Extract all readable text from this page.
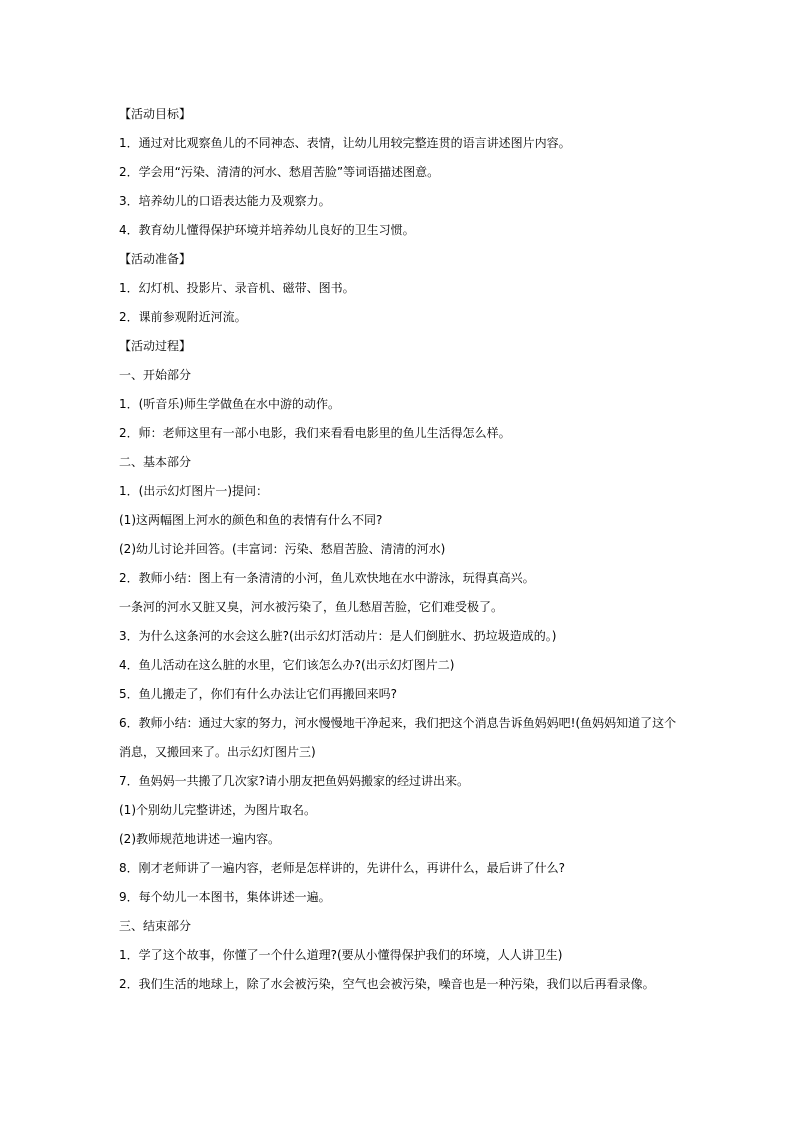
【活动目标】
1．通过对比观察鱼儿的不同神态、表情，让幼儿用较完整连贯的语言讲述图片内容。
2．学会用“污染、清清的河水、愁眉苦脸”等词语描述图意。
3．培养幼儿的口语表达能力及观察力。
4．教育幼儿懂得保护环境并培养幼儿良好的卫生习惯。
【活动准备】
1．幻灯机、投影片、录音机、磁带、图书。
2．课前参观附近河流。
【活动过程】
一、开始部分
1．(听音乐)师生学做鱼在水中游的动作。
2．师：老师这里有一部小电影，我们来看看电影里的鱼儿生活得怎么样。
二、基本部分
1．(出示幻灯图片一)提问：
(1)这两幅图上河水的颜色和鱼的表情有什么不同?
(2)幼儿讨论并回答。(丰富词：污染、愁眉苦脸、清清的河水)
2．教师小结：图上有一条清清的小河，鱼儿欢快地在水中游泳，玩得真高兴。
一条河的河水又脏又臭，河水被污染了，鱼儿愁眉苦脸，它们难受极了。
3．为什么这条河的水会这么脏?(出示幻灯活动片：是人们倒脏水、扔垃圾造成的。)
4．鱼儿活动在这么脏的水里，它们该怎么办?(出示幻灯图片二)
5．鱼儿搬走了，你们有什么办法让它们再搬回来吗?
6．教师小结：通过大家的努力，河水慢慢地干净起来，我们把这个消息告诉鱼妈妈吧!(鱼妈妈知道了这个
消息，又搬回来了。出示幻灯图片三)
7．鱼妈妈一共搬了几次家?请小朋友把鱼妈妈搬家的经过讲出来。
(1)个别幼儿完整讲述，为图片取名。
(2)教师规范地讲述一遍内容。
8．刚才老师讲了一遍内容，老师是怎样讲的，先讲什么，再讲什么，最后讲了什么?
9．每个幼儿一本图书，集体讲述一遍。
三、结束部分
1．学了这个故事，你懂了一个什么道理?(要从小懂得保护我们的环境，人人讲卫生)
2．我们生活的地球上，除了水会被污染，空气也会被污染，噪音也是一种污染，我们以后再看录像。
